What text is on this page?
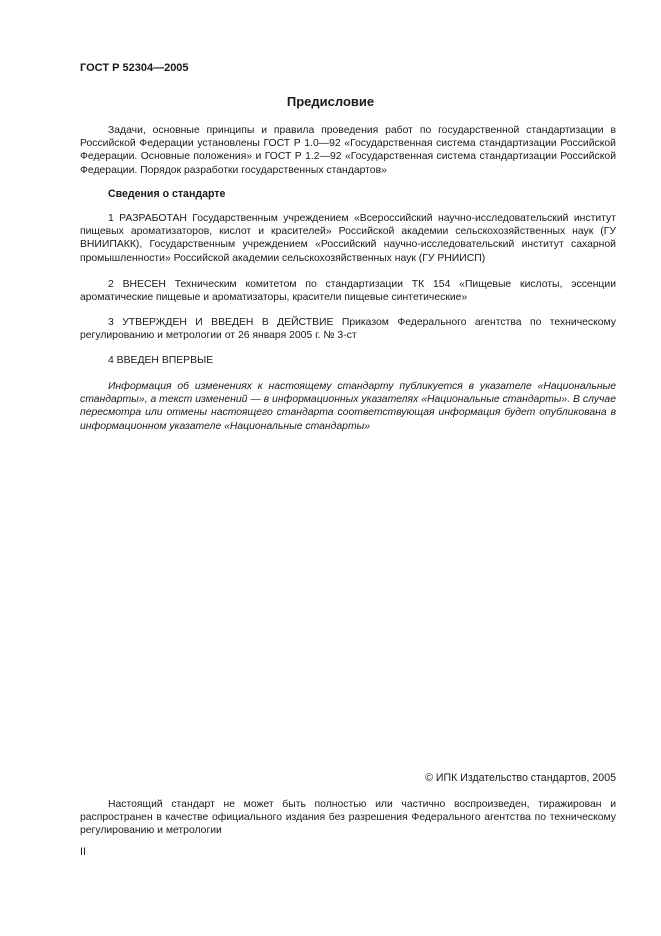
ГОСТ Р 52304—2005
Предисловие

Задачи, основные принципы и правила проведения работ по государственной стандартизации в Российской Федерации установлены ГОСТ Р 1.0—92 «Государственная система стандартизации Российской Федерации. Основные положения» и ГОСТ Р 1.2—92 «Государственная система стандартизации Российской Федерации. Порядок разработки государственных стандартов»

Сведения о стандарте

1 РАЗРАБОТАН Государственным учреждением «Всероссийский научно-исследовательский институт пищевых ароматизаторов, кислот и красителей» Российской академии сельскохозяйственных наук (ГУ ВНИИПАКК), Государственным учреждением «Российский научно-исследовательский институт сахарной промышленности» Российской академии сельскохозяйственных наук (ГУ РНИИСП)

2 ВНЕСЕН Техническим комитетом по стандартизации ТК 154 «Пищевые кислоты, эссенции ароматические пищевые и ароматизаторы, красители пищевые синтетические»

3 УТВЕРЖДЕН И ВВЕДЕН В ДЕЙСТВИЕ Приказом Федерального агентства по техническому регулированию и метрологии от 26 января 2005 г. № 3-ст

4 ВВЕДЕН ВПЕРВЫЕ

Информация об изменениях к настоящему стандарту публикуется в указателе «Национальные стандарты», а текст изменений — в информационных указателях «Национальные стандарты». В случае пересмотра или отмены настоящего стандарта соответствующая информация будет опубликована в информационном указателе «Национальные стандарты»

© ИПК Издательство стандартов, 2005

Настоящий стандарт не может быть полностью или частично воспроизведен, тиражирован и распространен в качестве официального издания без разрешения Федерального агентства по техническому регулированию и метрологии

II
